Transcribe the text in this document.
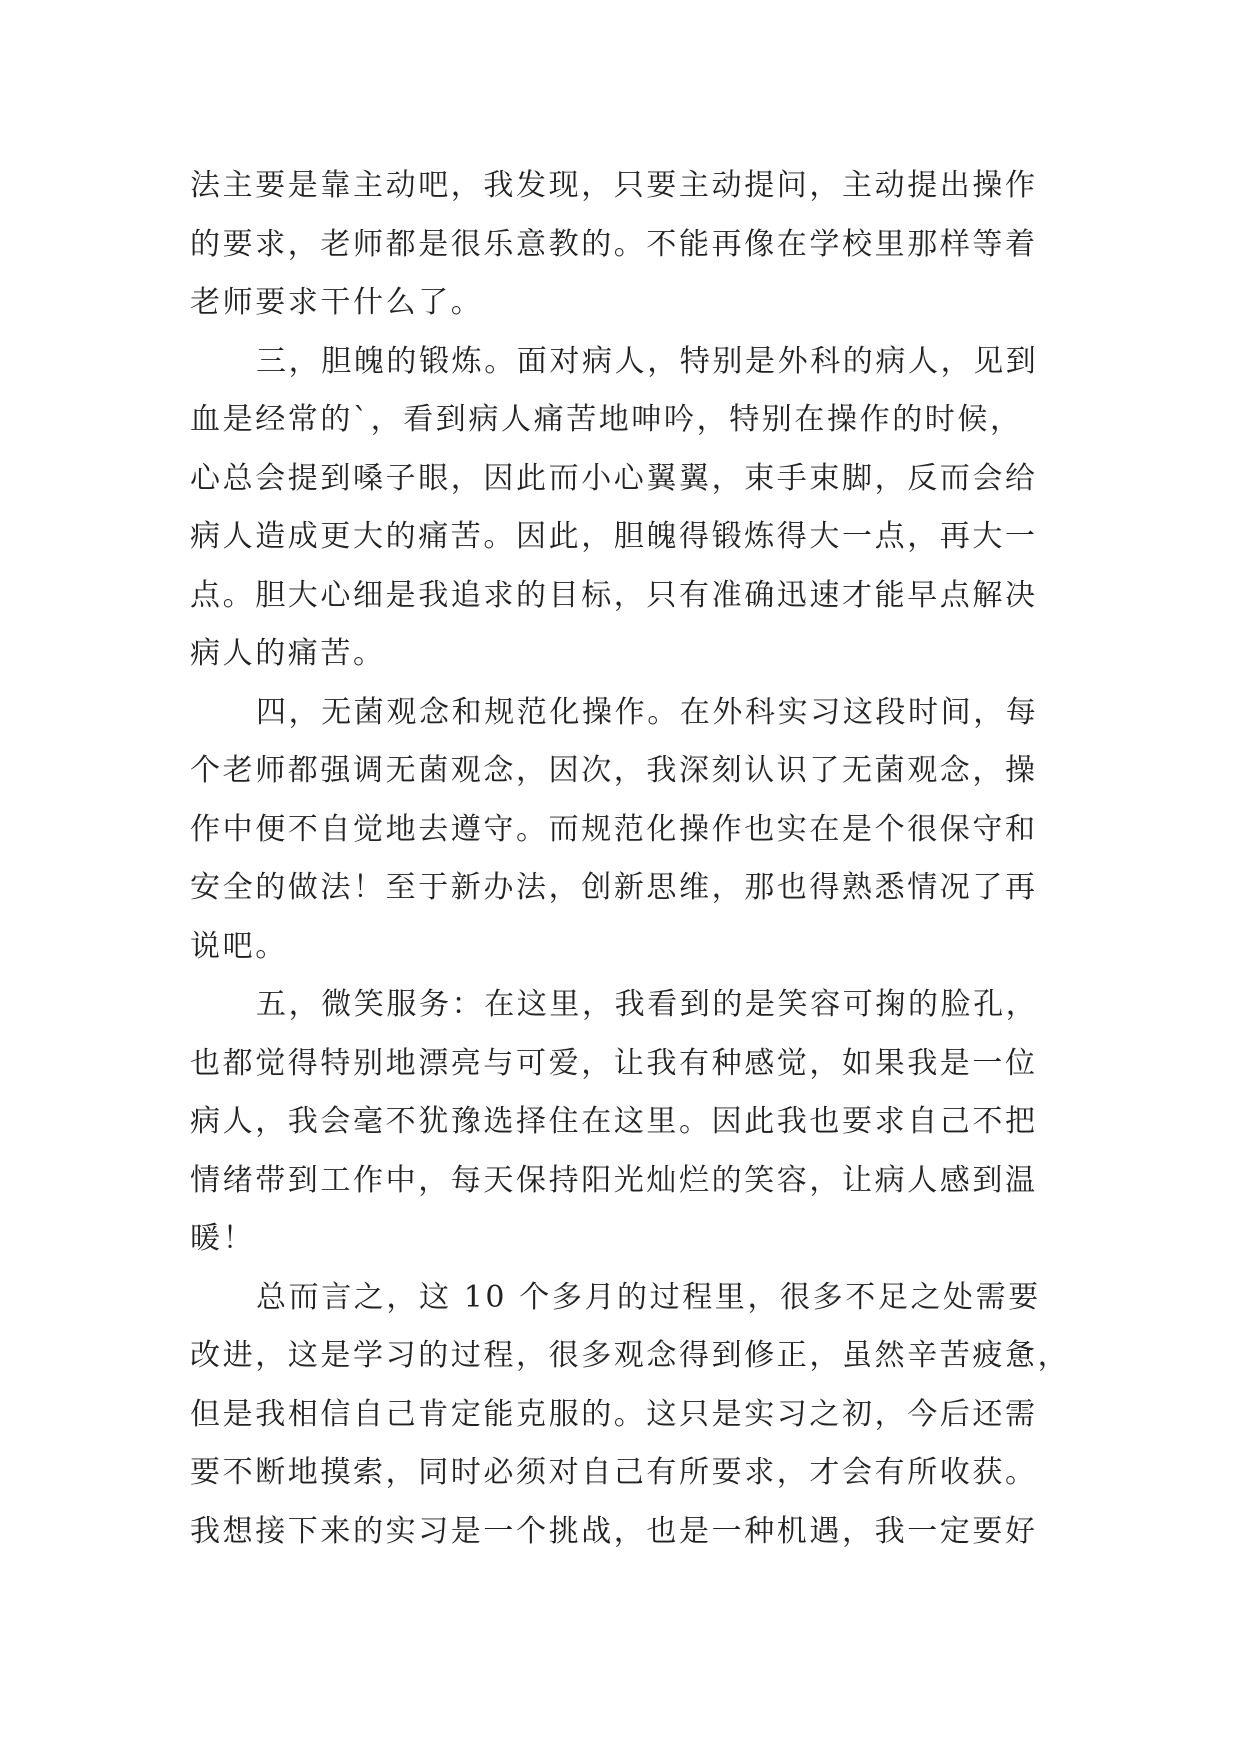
法主要是靠主动吧，我发现，只要主动提问，主动提出操作
的要求，老师都是很乐意教的。不能再像在学校里那样等着
老师要求干什么了。
三，胆魄的锻炼。面对病人，特别是外科的病人，见到
血是经常的`，看到病人痛苦地呻吟，特别在操作的时候，
心总会提到嗓子眼，因此而小心翼翼，束手束脚，反而会给
病人造成更大的痛苦。因此，胆魄得锻炼得大一点，再大一
点。胆大心细是我追求的目标，只有准确迅速才能早点解决
病人的痛苦。
四，无菌观念和规范化操作。在外科实习这段时间，每
个老师都强调无菌观念，因次，我深刻认识了无菌观念，操
作中便不自觉地去遵守。而规范化操作也实在是个很保守和
安全的做法！至于新办法，创新思维，那也得熟悉情况了再
说吧。
五，微笑服务：在这里，我看到的是笑容可掬的脸孔，
也都觉得特别地漂亮与可爱，让我有种感觉，如果我是一位
病人，我会毫不犹豫选择住在这里。因此我也要求自己不把
情绪带到工作中，每天保持阳光灿烂的笑容，让病人感到温
暖！
总而言之，这 10 个多月的过程里，很多不足之处需要
改进，这是学习的过程，很多观念得到修正，虽然辛苦疲惫，
但是我相信自己肯定能克服的。这只是实习之初，今后还需
要不断地摸索，同时必须对自己有所要求，才会有所收获。
我想接下来的实习是一个挑战，也是一种机遇，我一定要好
